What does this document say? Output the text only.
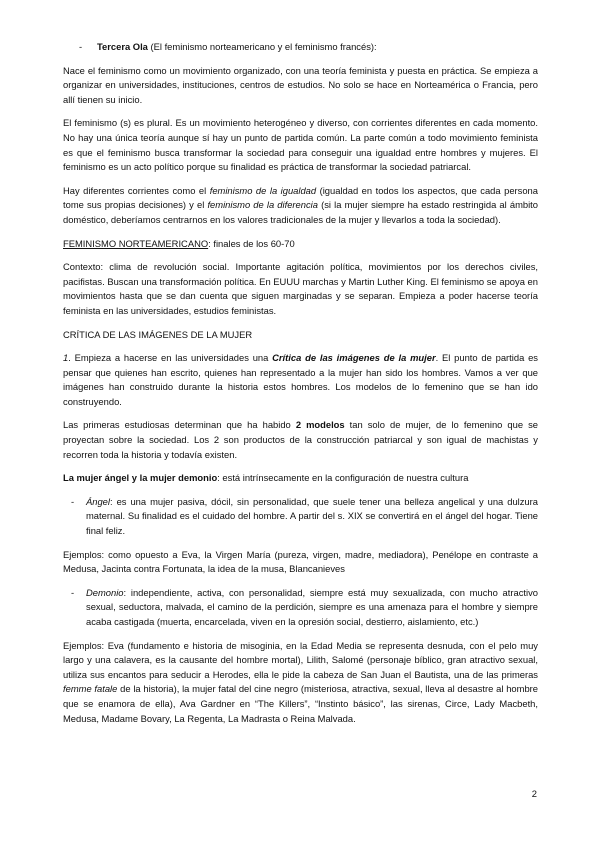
- Tercera Ola (El feminismo norteamericano y el feminismo francés):

Nace el feminismo como un movimiento organizado, con una teoría feminista y puesta en práctica. Se empieza a organizar en universidades, instituciones, centros de estudios. No solo se hace en Norteamérica o Francia, pero allí tienen su inicio.

El feminismo (s) es plural. Es un movimiento heterogéneo y diverso, con corrientes diferentes en cada momento. No hay una única teoría aunque sí hay un punto de partida común. La parte común a todo movimiento feminista es que el feminismo busca transformar la sociedad para conseguir una igualdad entre hombres y mujeres. El feminismo es un acto político porque su finalidad es práctica de transformar la sociedad patriarcal.

Hay diferentes corrientes como el feminismo de la igualdad (igualdad en todos los aspectos, que cada persona tome sus propias decisiones) y el feminismo de la diferencia (si la mujer siempre ha estado restringida al ámbito doméstico, deberíamos centrarnos en los valores tradicionales de la mujer y llevarlos a toda la sociedad).

FEMINISMO NORTEAMERICANO: finales de los 60-70

Contexto: clima de revolución social. Importante agitación política, movimientos por los derechos civiles, pacifistas. Buscan una transformación política. En EUUU marchas y Martin Luther King. El feminismo se apoya en movimientos hasta que se dan cuenta que siguen marginadas y se separan. Empieza a poder hacerse teoría feminista en las universidades, estudios feministas.

CRÍTICA DE LAS IMÁGENES DE LA MUJER

1. Empieza a hacerse en las universidades una Crítica de las imágenes de la mujer. El punto de partida es pensar que quienes han escrito, quienes han representado a la mujer han sido los hombres. Vamos a ver que imágenes han construido durante la historia estos hombres. Los modelos de lo femenino que se han ido construyendo.

Las primeras estudiosas determinan que ha habido 2 modelos tan solo de mujer, de lo femenino que se proyectan sobre la sociedad. Los 2 son productos de la construcción patriarcal y son igual de machistas y recorren toda la historia y todavía existen.

La mujer ángel y la mujer demonio: está intrínsecamente en la configuración de nuestra cultura

- Ángel: es una mujer pasiva, dócil, sin personalidad, que suele tener una belleza angelical y una dulzura maternal. Su finalidad es el cuidado del hombre. A partir del s. XIX se convertirá en el ángel del hogar. Tiene final feliz.

Ejemplos: como opuesto a Eva, la Virgen María (pureza, virgen, madre, mediadora), Penélope en contraste a Medusa, Jacinta contra Fortunata, la idea de la musa, Blancanieves

- Demonio: independiente, activa, con personalidad, siempre está muy sexualizada, con mucho atractivo sexual, seductora, malvada, el camino de la perdición, siempre es una amenaza para el hombre y siempre acaba castigada (muerta, encarcelada, viven en la opresión social, destierro, aislamiento, etc.)

Ejemplos: Eva (fundamento e historia de misoginia, en la Edad Media se representa desnuda, con el pelo muy largo y una calavera, es la causante del hombre mortal), Lilith, Salomé (personaje bíblico, gran atractivo sexual, utiliza sus encantos para seducir a Herodes, ella le pide la cabeza de San Juan el Bautista, una de las primeras femme fatale de la historia), la mujer fatal del cine negro (misteriosa, atractiva, sexual, lleva al desastre al hombre que se enamora de ella), Ava Gardner en “The Killers”, “Instinto básico”, las sirenas, Circe, Lady Macbeth, Medusa, Madame Bovary, La Regenta, La Madrasta o Reina Malvada.

2
